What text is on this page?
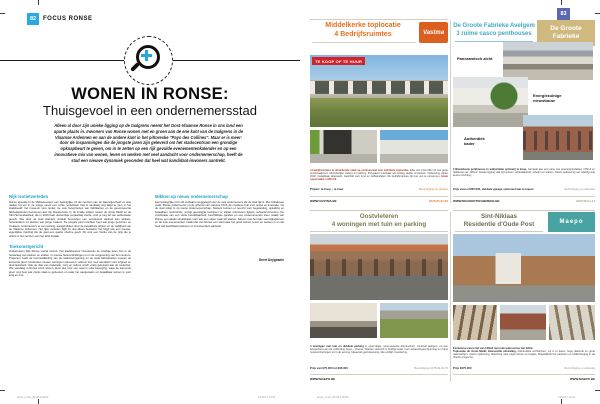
82	FOCUS RONSE
WONEN IN RONSE:
Thuisgevoel in een ondernemersstad
Alleen al door zijn unieke ligging op de taalgrens neemt het Oost-Vlaamse Ronse in ons land een aparte plaats in. Inwoners van Ronse wonen met en groen aan de ene kant van de taalgrens in de Vlaamse Ardennen en aan de andere kant in het pittoreske "Pays des Collines". Maar er is meer: door de inspanningen die de jongste jaren zijn geleverd om het stadscentrum een grondige opknapbeurt te geven, om in te zetten op een rijk gevulde evenementenkalender en op een innovatieve mix van wonen, leven en werken met veel aandacht voor ondernemerschap, heeft de stad een nieuwe dynamiek gevonden dat heel wat kandidaat-inwoners aantrekt.
Rijk textielverleden

Ronse speelde in de Middeleeuwen een belangrijke rol als centrum van de lakennijverheid en was nadien tot ver in de vorige eeuw een echte textielstad. Dat is vandaag nog altijd te zien in het stadsbeeld: het museum voor textiel, de vele herenhuizen van fabrikanten en de gerenoveerde fabriekspanden herinneren aan die bloeiperiode. In de smalle straten tussen de Grote Markt en de Sint-Hermesbasiliek, die in 2019 haar duizendste verjaardag vierde, vind je nog tal van authentieke gevels. Wie door de stad wandelt, ontdekt bovendien een verrassend aanbod aan winkels, horecazaken en ateliers van jonge makers. De jongste jaren kochten heel wat jonge gezinnen en creatieve ondernemers er een woning, aangetrokken door de betaalbare prijzen en de nabijheid van de Vlaamse Ardennen. Het rijke verleden blijft zo niet alleen bewaard, het krijgt ook een nieuwe, eigentijdse invulling die de stad een aparte charme geeft. Dit voor een fractie van de prijs die je elders in het centrum van het land betaalt.

Toekomstgericht

Ondertussen kijkt Ronse vooral vooruit. Het stadsbestuur investeerde de voorbije jaren fors in de heraanleg van pleinen en straten, in nieuwe fietsverbindingen en in de vergroening van het centrum. Projecten zoals de herontwikkeling van de stationsomgeving en de oude fabriekssites moeten de komende jaren honderden nieuwe woningen opleveren, telkens met veel aandacht voor erfgoed en duurzaamheid. Ook op vlak van onderwijs, zorg en cultuur wordt volop gebouwd aan de toekomst. Wie vandaag in Ronse komt wonen, kiest dus voor een stad in volle beweging, waar de komende jaren nog heel wat moois staat te gebeuren en waar het aangenaam en betaalbaar wonen is voor jong en oud.

Mikken op nieuw ondernemerschap

Een belangrijke rol in dit verhaal is weggelegd voor de vele ondernemers die de stad rijk is. Met initiatieven zoals 'Ronse onderneemt' en de uitbouw van campus TIO3, dé creatieve hub voor textiel en innovatie, zet de stad volop in op nieuw ondernemerschap. Starters kunnen er terecht voor begeleiding, opleiding en betaalbare werkruimte, terwijl gevestigde bedrijven er elkaar ontmoeten tijdens netwerkmomenten. De combinatie van een vlotte bereikbaarheid, beschikbare panden en een ondernemende sfeer maakt van Ronse een ideale uitvalsbasis voor wie een eigen zaak wil starten. Samen met het rijke verenigingsleven en de vele evenementen maakt dat van Ronse een stad waar het goed wonen, leven en werken is en die heel wat kandidaat-inwoners en investeerders aantrekt.

Geert Deygnaele
focus_ronse_82-83.indd 82	13/11/17 14:32
Middelkerke toplocatie
4 Bedrijfsruimtes	Vastma
TE KOOP OF TE HUUR

4 bedrijfsruimtes in uitstekende staat op commercieel zeer zichtbare toplocatie. Elke unit circa 250 m2 met grote sectionaalpoort, afzonderlijke meters en parking. Polyvalent inzetbaar als opslag, atelier of kantoor. Oplevering winter 2018, instapklaar afgewerkt. Geschikt voor kmo en zelfstandigen. De bedrijfsruimtes zijn per unit te verwerven, totale oppervlakte 1.000 m2.

Prijzen: te koop – te huur	Bezichtiging ter plaatse
WWW.VASTMA.BE	0475/45.21.65
De Groote Fabrieke Avelgem
3 ruime casco penthouses
83
De Groote
Fabrieke
Panoramisch zicht
Energiezuinige nieuwbouw
Authentiek kader

3 Nieuwbouw penthouses in authentieke spinnerij te koop. Centraal aan een oase met woonoppervlakten 175m2 en dakterras van 100m2. Goede ligging vlak bij centrum, winkelaanbod, scholen en station. Casco oplevering met volledig vrije keuze inrichting.

Prijs casco €265.000, dubbele garage optioneel aan te kopen	Bezichtiging op afspraak
WWW.DEGROOTEFABRIEKE.BE	0495/38.04.41
Oostvleteren
4 woningen met tuin en parking

4 woningen met tuin en dubbele parking in voormalige, gerenoveerde dorpsschool. Centraal gelegen, op een boogscheut van de verbinding Ieper – Veurne. Worden verkocht in huidige staat, met verkavelingsvergunning en ruime nutsvoorzieningen tot in de woning. Ideaal als gezinswoning, 2de verblijf, investering.

Prijs van €75.000 tot €95.000	Bezichtiging 0475/46.39.76
WWW.MAEPO.BE
Sint-Niklaas
Residentie d'Oude Post	Maepo

Exclusieve casco loft van 140m2 met ruim patio-terras van 22m2.
Toplocatie de Grote Markt, klassevolle uitstraling. Authentieke architectuur, vrij in te delen, hoge plafonds en grote raampartijen. Casco oplevering, afwerking naar eigen keuze en budget. Mogelijkheid tot parkeren en kelderberging in de directe omgeving.

Prijs €275.000	Bezichtiging op afspraak
WWW.MAEPO.BE
focus_ronse_82-83.indd 83	13/11/17 14:32
